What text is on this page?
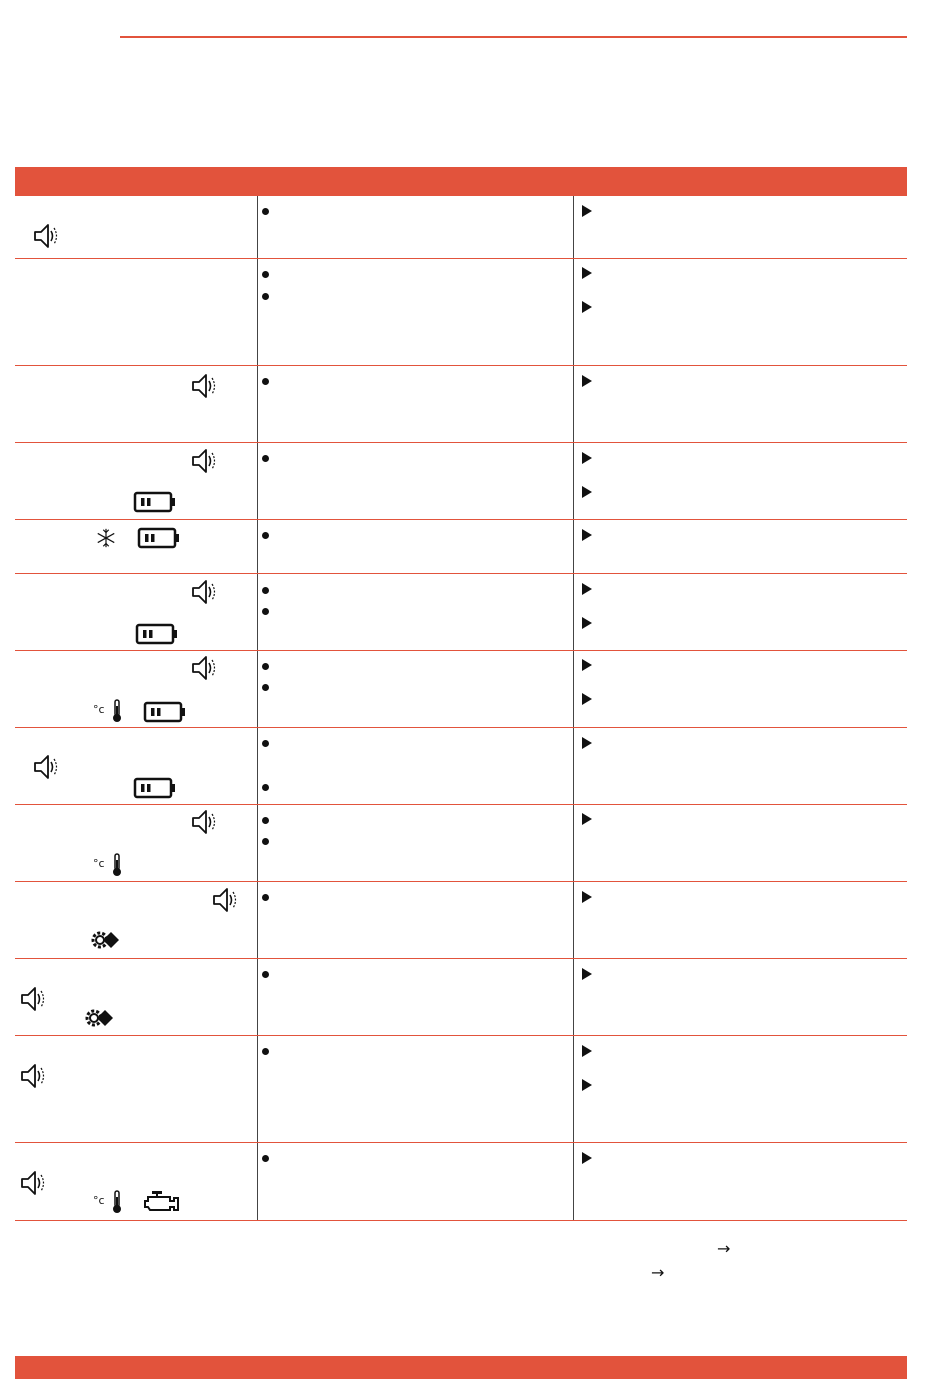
°c
°c
°c
→
→
